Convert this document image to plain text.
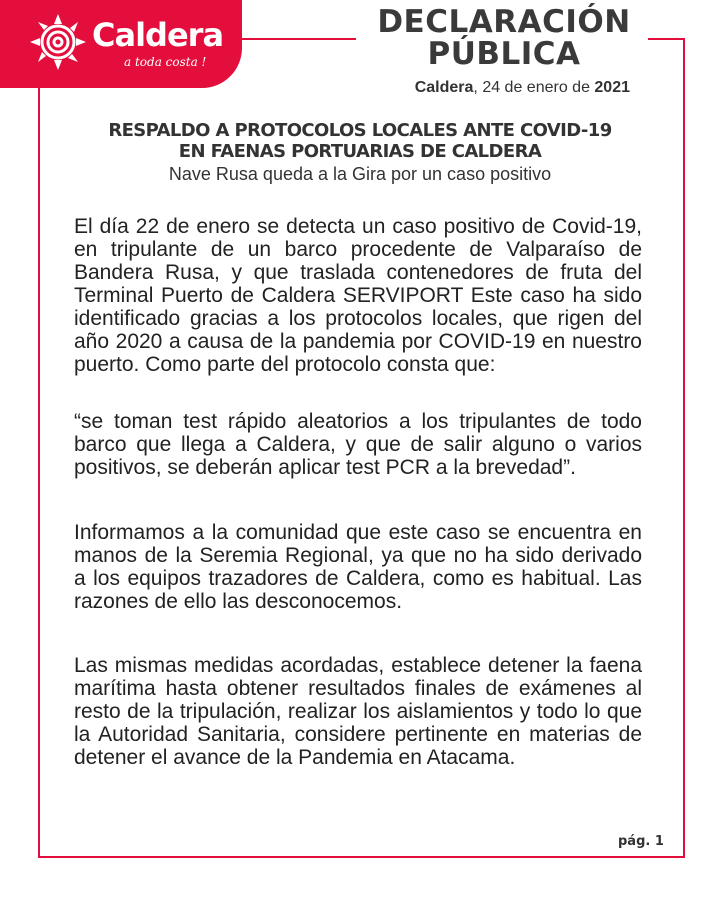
Caldera
a toda costa !
DECLARACIÓN
PÚBLICA
Caldera, 24 de enero de 2021
RESPALDO A PROTOCOLOS LOCALES ANTE COVID-19
EN FAENAS PORTUARIAS DE CALDERA
Nave Rusa queda a la Gira por un caso positivo

El día 22 de enero se detecta un caso positivo de Covid-19, en tripulante de un barco procedente de Valparaíso de Bandera Rusa, y que traslada contenedores de fruta del Terminal Puerto de Caldera SERVIPORT Este caso ha sido identificado gracias a los protocolos locales, que rigen del año 2020 a causa de la pandemia por COVID-19 en nuestro puerto. Como parte del protocolo consta que:

“se toman test rápido aleatorios a los tripulantes de todo barco que llega a Caldera, y que de salir alguno o varios positivos, se deberán aplicar test PCR a la brevedad”.

Informamos a la comunidad que este caso se encuentra en manos de la Seremia Regional, ya que no ha sido derivado a los equipos trazadores de Caldera, como es habitual. Las razones de ello las desconocemos.

Las mismas medidas acordadas, establece detener la faena marítima hasta obtener resultados finales de exámenes al resto de la tripulación, realizar los aislamientos y todo lo que la Autoridad Sanitaria, considere pertinente en materias de detener el avance de la Pandemia en Atacama.

pág. 1
